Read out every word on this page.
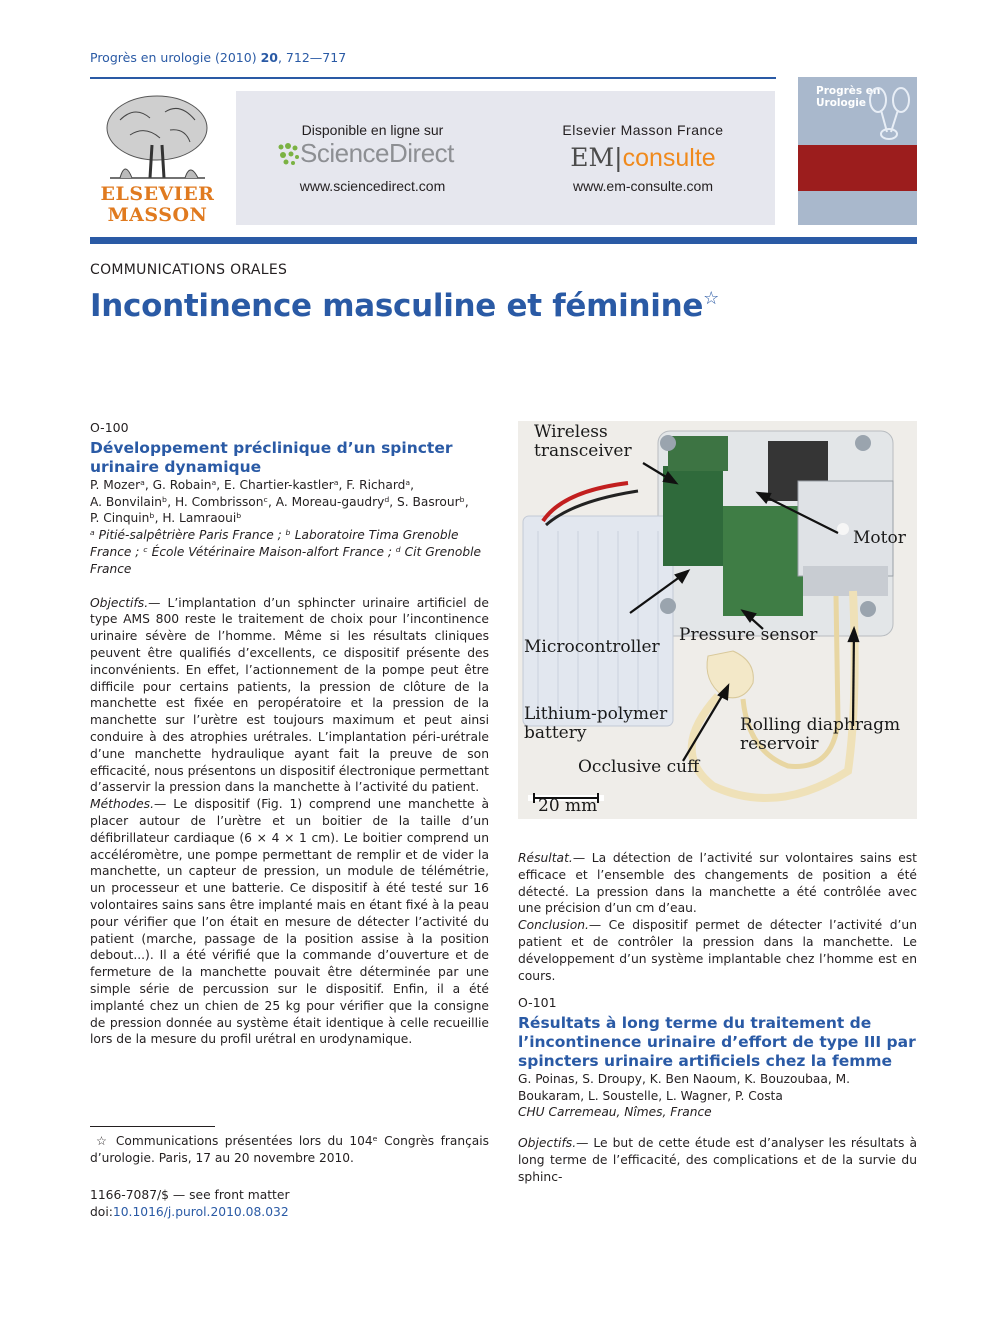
Progrès en urologie (2010) 20, 712—717
ELSEVIER
MASSON
Disponible en ligne sur
ScienceDirect
www.sciencedirect.com
Elsevier Masson France
EM|consulte
www.em-consulte.com
Progrès en
Urologie
COMMUNICATIONS ORALES
Incontinence masculine et féminine☆
O-100
Développement préclinique d’un spincter urinaire dynamique
P. Mozerᵃ, G. Robainᵃ, E. Chartier-kastlerᵃ, F. Richardᵃ,
A. Bonvilainᵇ, H. Combrissonᶜ, A. Moreau-gaudryᵈ, S. Basrourᵇ,
P. Cinquinᵇ, H. Lamraouiᵇ
ᵃ Pitié-salpêtrière Paris France ; ᵇ Laboratoire Tima Grenoble France ; ᶜ École Vétérinaire Maison-alfort France ; ᵈ Cit Grenoble France

Objectifs.— L’implantation d’un sphincter urinaire artificiel de type AMS 800 reste le traitement de choix pour l’incontinence urinaire sévère de l’homme. Même si les résultats cliniques peuvent être qualifiés d’excellents, ce dispositif présente des inconvénients. En effet, l’actionnement de la pompe peut être difficile pour certains patients, la pression de clôture de la manchette est fixée en peropératoire et la pression de la manchette sur l’urètre est toujours maximum et peut ainsi conduire à des atrophies urétrales. L’implantation péri-urétrale d’une manchette hydraulique ayant fait la preuve de son efficacité, nous présentons un dispositif électronique permettant d’asservir la pression dans la manchette à l’activité du patient.

Méthodes.— Le dispositif (Fig. 1) comprend une manchette à placer autour de l’urètre et un boitier de la taille d’un défibrillateur cardiaque (6 × 4 × 1 cm). Le boitier comprend un accéléromètre, une pompe permettant de remplir et de vider la manchette, un capteur de pression, un module de télémétrie, un processeur et une batterie. Ce dispositif à été testé sur 16 volontaires sains sans être implanté mais en étant fixé à la peau pour vérifier que l’on était en mesure de détecter l’activité du patient (marche, passage de la position assise à la position debout...). Il a été vérifié que la commande d’ouverture et de fermeture de la manchette pouvait être déterminée par une simple série de percussion sur le dispositif. Enfin, il a été implanté chez un chien de 25 kg pour vérifier que la consigne de pression donnée au système était identique à celle recueillie lors de la mesure du profil urétral en urodynamique.

Wireless
transceiver
Motor
Microcontroller
Pressure sensor
Lithium-polymer
battery	Rolling diaphragm
reservoir
Occlusive cuff
20 mm

Résultat.— La détection de l’activité sur volontaires sains est efficace et l’ensemble des changements de position a été détecté. La pression dans la manchette a été contrôlée avec une précision d’un cm d’eau.

Conclusion.— Ce dispositif permet de détecter l’activité d’un patient et de contrôler la pression dans la manchette. Le développement d’un système implantable chez l’homme est en cours.

O-101
Résultats à long terme du traitement de l’incontinence urinaire d’effort de type III par spincters urinaire artificiels chez la femme
G. Poinas, S. Droupy, K. Ben Naoum, K. Bouzoubaa, M. Boukaram, L. Soustelle, L. Wagner, P. Costa
CHU Carremeau, Nîmes, France

Objectifs.— Le but de cette étude est d’analyser les résultats à long terme de l’efficacité, des complications et de la survie du sphinc-

☆ Communications présentées lors du 104ᵉ Congrès français d’urologie. Paris, 17 au 20 novembre 2010.
1166-7087/$ — see front matter
doi:10.1016/j.purol.2010.08.032
